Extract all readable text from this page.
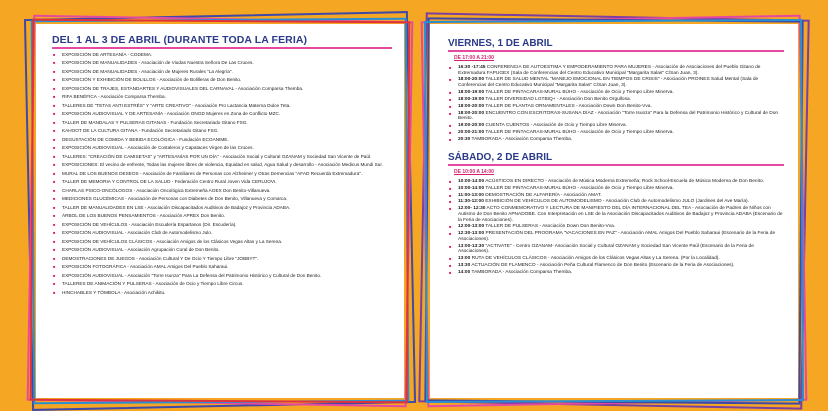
DEL 1 AL 3 DE ABRIL (DURANTE TODA LA FERIA)
■ EXPOSICIÓN DE ARTESANÍA - CODEMA.
■ EXPOSICIÓN DE MANUALIDADES - Asociación de Viudas Nuestra Señora De Las Cruces.
■ EXPOSICIÓN DE MANUALIDADES - Asociación de Mujeres Rurales "La Alegría".
■ EXPOSICIÓN Y EXHIBICIÓN DE BOLILLOS - Asociación de Bolilleras de Don Benito.
■ EXPOSICIÓN DE TRAJES, ESTANDARTES Y AUDIOVISUALES DEL CARNAVAL - Asociación Comparsa Themba.
■ RIFA BENÉFICA - Asociación Comparsa Themba.
■ TALLERES DE "TETAS ANTI ESTRÉS" Y "ARTE CREATIVO" - Asociación Pro Lactancia Materna Dulce Teta.
■ EXPOSICIÓN AUDIOVISUAL Y DE ARTESANÍA - Asociación ONGD Mujeres en Zona de Conflicto MZC.
■ TALLER DE MANDALAS Y PULSERAS GITANAS - Fundación Secretariado Gitano FSG.
■ KAHOOT DE LA CULTURA GITANA - Fundación Secretariado Gitano FSG.
■ DEGUSTACIÓN DE COMIDA Y BEBIDA ECOLÓGICA - Fundación ECOANIME.
■ EXPOSICIÓN AUDIOVISUAL - Asociación de Costaleros y Capataces Virgen de las Cruces.
■ TALLERES: "CREACIÓN DE CAMISETAS" y "ARTESANÍAS POR UN DÍA" - Asociación Social y Cultural OZANAM y Sociedad San Vicente de Paúl.
■ EXPOSICIONES: El vecino de enfrente, Todas las mujeres libres de violencia, Equidad en salud, Agua Salud y desarrollo - Asociación Medicus Mundi Sur.
■ MURAL DE LOS BUENOS DESEOS - Asociación de Familiares de Personas con Alzheimer y Otras Demencias "AFAD Recuerda Extremadura".
■ TALLER DE MEMORIA Y CONTROL DE LA SALUD - Federación Centro Rural Joven Vida CERUJOVI.
■ CHARLAS PSICO-ONCÓLOGOS - Asociación Oncológica Extremeña AOEX Don Benito-Villanueva.
■ MEDICIONES GLUCÉMICAS - Asociación de Personas con Diabetes de Don Benito, Villanueva y Comarca.
■ TALLER DE MANUALIDADES EN LSE - Asociación Discapacitados Auditivos de Badajoz y Provincia ADABA.
■ ÁRBOL DE LOS BUENOS PENSAMIENTOS - Asociación APREX Don Benito.
■ EXPOSICIÓN DE VEHÍCULOS - Asociación Escudería Espartanos (Dir. Escudería).
■ EXPOSICIÓN AUDIOVISUAL - Asociación Club de Automodelismo Julo.
■ EXPOSICIÓN DE VEHÍCULOS CLÁSICOS - Asociación Amigos de los Clásicos Vegas Altas y La Serena.
■ EXPOSICIÓN AUDIOVISUAL - Asociación Agrupación Coral de Don Benito.
■ DEMOSTRACIONES DE JUEGOS - Asociación Cultural Y De Ocio Y Tiempo Libre "JOBBYT".
■ EXPOSICIÓN FOTOGRÁFICA - Asociación AMAL Amigos Del Pueblo Saharaui.
■ EXPOSICIÓN AUDIOVISUAL - Asociación "Torre Isunza" Para La Defensa del Patrimonio Histórico y Cultural de Don Benito.
■ TALLERES DE ANIMACIÓN Y PULSERAS - Asociación de Ocio y Tiempo Libre Circus.
■ HINCHABLES Y TÓMBOLA - Asociación Achikitu.
VIERNES, 1 DE ABRIL
DE 17:00 A 21:00
■ 16:30 -17:45 CONFERENCIA DE AUTOESTIMA Y EMPODERAMIENTO PARA MUJERES - Asociación de Asociaciones del Pueblo Gitano de Extremadura FAPUGEX (Sala de Conferencias del Centro Educativo Municipal "Margarita Salas" C/San Juan, 3).
■ 18:00-20:00 TALLER DE SALUD MENTAL "MANEJO EMOCIONAL EN TIEMPOS DE CRISIS" - Asociación PROINES Salud Mental (Sala de Conferencias del Centro Educativo Municipal "Margarita Salas" C/San Juan, 3).
■ 18:00-19:00 TALLER DE PINTACARAS-MURAL BÚHO - Asociación de Ocio y Tiempo Libre Minerva.
■ 18:00-19:00 TALLER DIVERSIDAD LGTBIQ+ - Asociación Don Benito Orgullosa.
■ 18:00-20:00 TALLER DE PLANTAS ORNAMENTALES - Asociación Down Don Benito-Vva.
■ 18:00-20:00 ENCUENTRO CON ESCRITORAS-SUSANA DÍAZ - Asociación "Torre Isunza" Para la Defensa del Patrimonio Histórico y Cultural de Don Benito.
■ 19:00-20:00 CUENTA CUENTOS - Asociación de Ocio y Tiempo Libre Minerva.
■ 20:00-21:00 TALLER DE PINTACARAS-MURAL BÚHO - Asociación de Ocio y Tiempo Libre Minerva.
■ 20:30 TAMBORADA - Asociación Comparsa Themba.
SÁBADO, 2 DE ABRIL
DE 10:00 A 14:00
■ 10:00-14:00 ACÚSTICOS EN DIRECTO - Asociación de Música Moderna Extremeña; Rock School-Escuela de Música Moderna de Don Benito.
■ 10:00-14:00 TALLER DE PINTACARAS-MURAL BÚHO - Asociación de Ocio y Tiempo Libre Minerva.
■ 11:00-13:00 DEMOSTRACIÓN DE ALFARERÍA - Asociación AMAT.
■ 11:30-12:00 EXHIBICIÓN DE VEHÍCULOS DE AUTOMODELISMO - Asociación Club de Automodelismo JULO (Jardines del Ave María).
■ 12:00- 12:30 ACTO CONMEMORATIVO Y LECTURA DE MANIFIESTO DEL DÍA INTERNACIONAL DEL TEA - Asociación de Padres de Niños con Autismo de Don Benito APNADOBE. Con Interpretación en LSE de la Asociación Discapacitados Auditivos de Badajoz y Provincia ADABA (Escenario de la Feria de Asociaciones).
■ 12:00-13:00 TALLER DE PULSERAS - Asociación Down Don Benito-Vva.
■ 12:30-13:00 PRESENTACIÓN DEL PROGRAMA "VACACIONES EN PAZ" - Asociación AMAL Amigos Del Pueblo Saharaui (Escenario de la Feria de Asociaciones).
■ 13:00-13:30 "ACTIVATE" - Centro OZANAM- Asociación Social y Cultural OZANAM y Sociedad San Vicente Paúl (Escenario de la Feria de Asociaciones).
■ 13:00 RUTA DE VEHÍCULOS CLÁSICOS - Asociación Amigos de los Clásicos Vegas Altas y La Serena. (Por la Localidad).
■ 13:30 ACTUACIÓN DE FLAMENCO - Asociación Peña Cultural Flamenco de Don Benito (Escenario de la Feria de Asociaciones).
■ 14:00 TAMBORADA - Asociación Comparsa Themba.
